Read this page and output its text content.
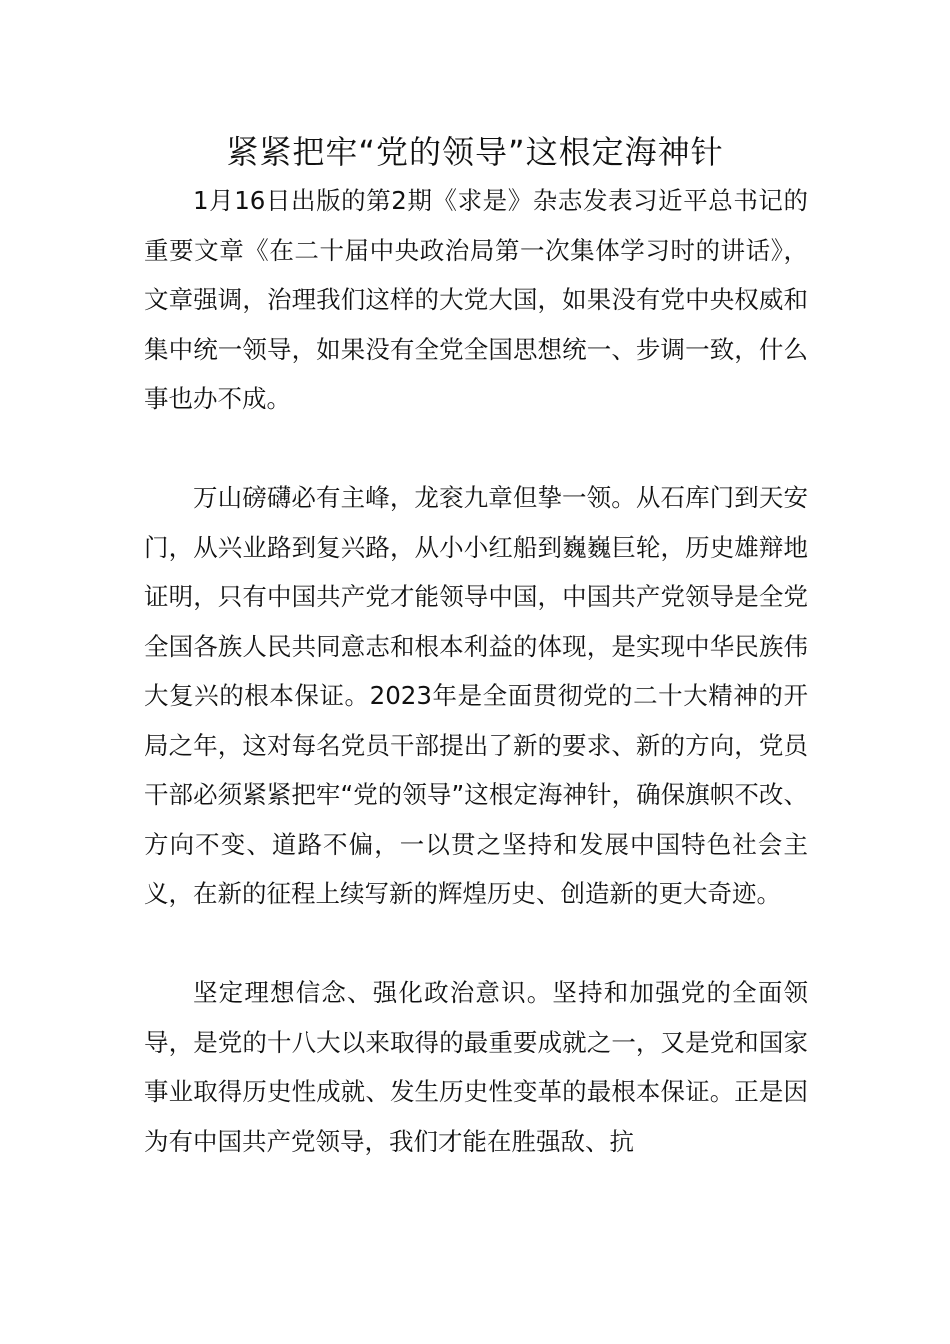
紧紧把牢“党的领导”这根定海神针

1月16日出版的第2期《求是》杂志发表习近平总书记的重要文章《在二十届中央政治局第一次集体学习时的讲话》，文章强调，治理我们这样的大党大国，如果没有党中央权威和集中统一领导，如果没有全党全国思想统一、步调一致，什么事也办不成。

万山磅礴必有主峰，龙衮九章但挚一领。从石库门到天安门，从兴业路到复兴路，从小小红船到巍巍巨轮，历史雄辩地证明，只有中国共产党才能领导中国，中国共产党领导是全党全国各族人民共同意志和根本利益的体现，是实现中华民族伟大复兴的根本保证。2023年是全面贯彻党的二十大精神的开局之年，这对每名党员干部提出了新的要求、新的方向，党员干部必须紧紧把牢“党的领导”这根定海神针，确保旗帜不改、方向不变、道路不偏，一以贯之坚持和发展中国特色社会主义，在新的征程上续写新的辉煌历史、创造新的更大奇迹。

坚定理想信念、强化政治意识。坚持和加强党的全面领导，是党的十八大以来取得的最重要成就之一，又是党和国家事业取得历史性成就、发生历史性变革的最根本保证。正是因为有中国共产党领导，我们才能在胜强敌、抗
